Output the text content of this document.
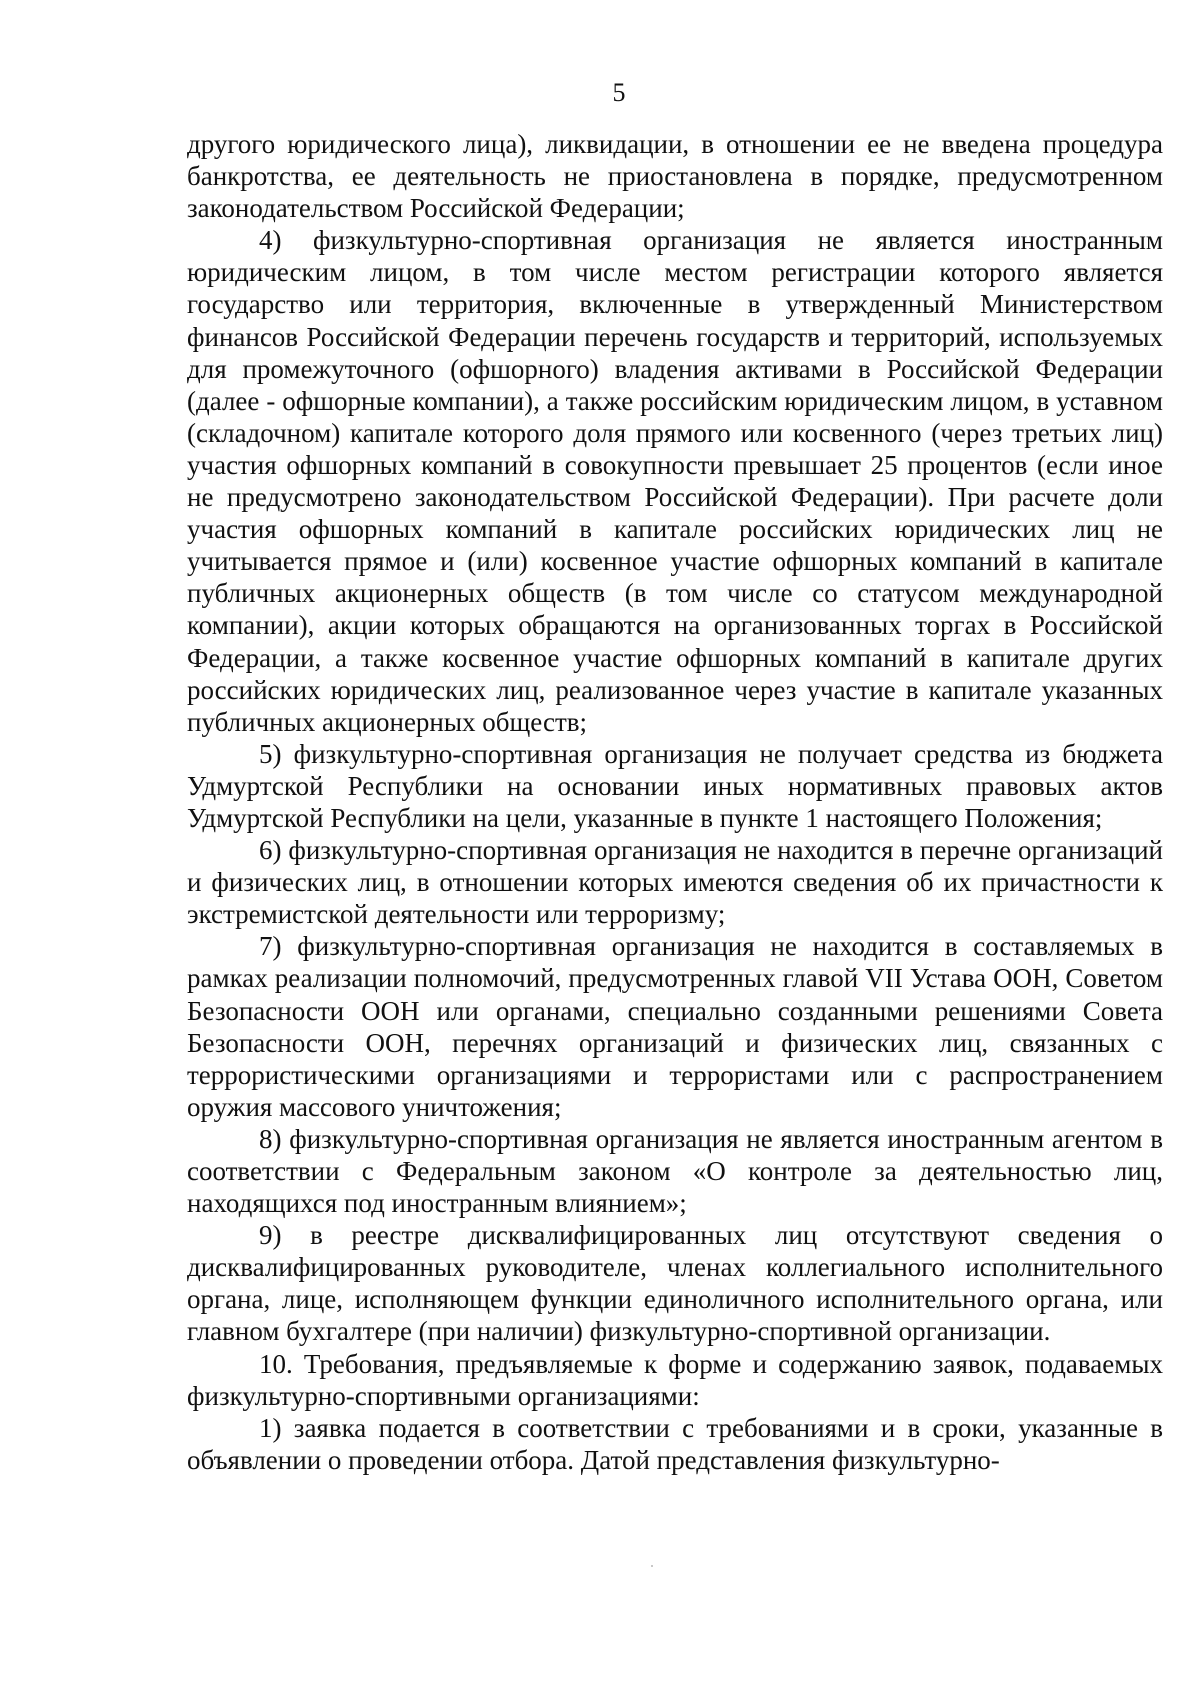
5

другого юридического лица), ликвидации, в отношении ее не введена процедура банкротства, ее деятельность не приостановлена в порядке, предусмотренном законодательством Российской Федерации;

4) физкультурно-спортивная организация не является иностранным юридическим лицом, в том числе местом регистрации которого является государство или территория, включенные в утвержденный Министерством финансов Российской Федерации перечень государств и территорий, используемых для промежуточного (офшорного) владения активами в Российской Федерации (далее - офшорные компании), а также российским юридическим лицом, в уставном (складочном) капитале которого доля прямого или косвенного (через третьих лиц) участия офшорных компаний в совокупности превышает 25 процентов (если иное не предусмотрено законодательством Российской Федерации). При расчете доли участия офшорных компаний в капитале российских юридических лиц не учитывается прямое и (или) косвенное участие офшорных компаний в капитале публичных акционерных обществ (в том числе со статусом международной компании), акции которых обращаются на организованных торгах в Российской Федерации, а также косвенное участие офшорных компаний в капитале других российских юридических лиц, реализованное через участие в капитале указанных публичных акционерных обществ;

5) физкультурно-спортивная организация не получает средства из бюджета Удмуртской Республики на основании иных нормативных правовых актов Удмуртской Республики на цели, указанные в пункте 1 настоящего Положения;

6) физкультурно-спортивная организация не находится в перечне организаций и физических лиц, в отношении которых имеются сведения об их причастности к экстремистской деятельности или терроризму;

7) физкультурно-спортивная организация не находится в составляемых в рамках реализации полномочий, предусмотренных главой VII Устава ООН, Советом Безопасности ООН или органами, специально созданными решениями Совета Безопасности ООН, перечнях организаций и физических лиц, связанных с террористическими организациями и террористами или с распространением оружия массового уничтожения;

8) физкультурно-спортивная организация не является иностранным агентом в соответствии с Федеральным законом «О контроле за деятельностью лиц, находящихся под иностранным влиянием»;

9) в реестре дисквалифицированных лиц отсутствуют сведения о дисквалифицированных руководителе, членах коллегиального исполнительного органа, лице, исполняющем функции единоличного исполнительного органа, или главном бухгалтере (при наличии) физкультурно-спортивной организации.

10. Требования, предъявляемые к форме и содержанию заявок, подаваемых физкультурно-спортивными организациями:

1) заявка подается в соответствии с требованиями и в сроки, указанные в объявлении о проведении отбора. Датой представления физкультурно-
